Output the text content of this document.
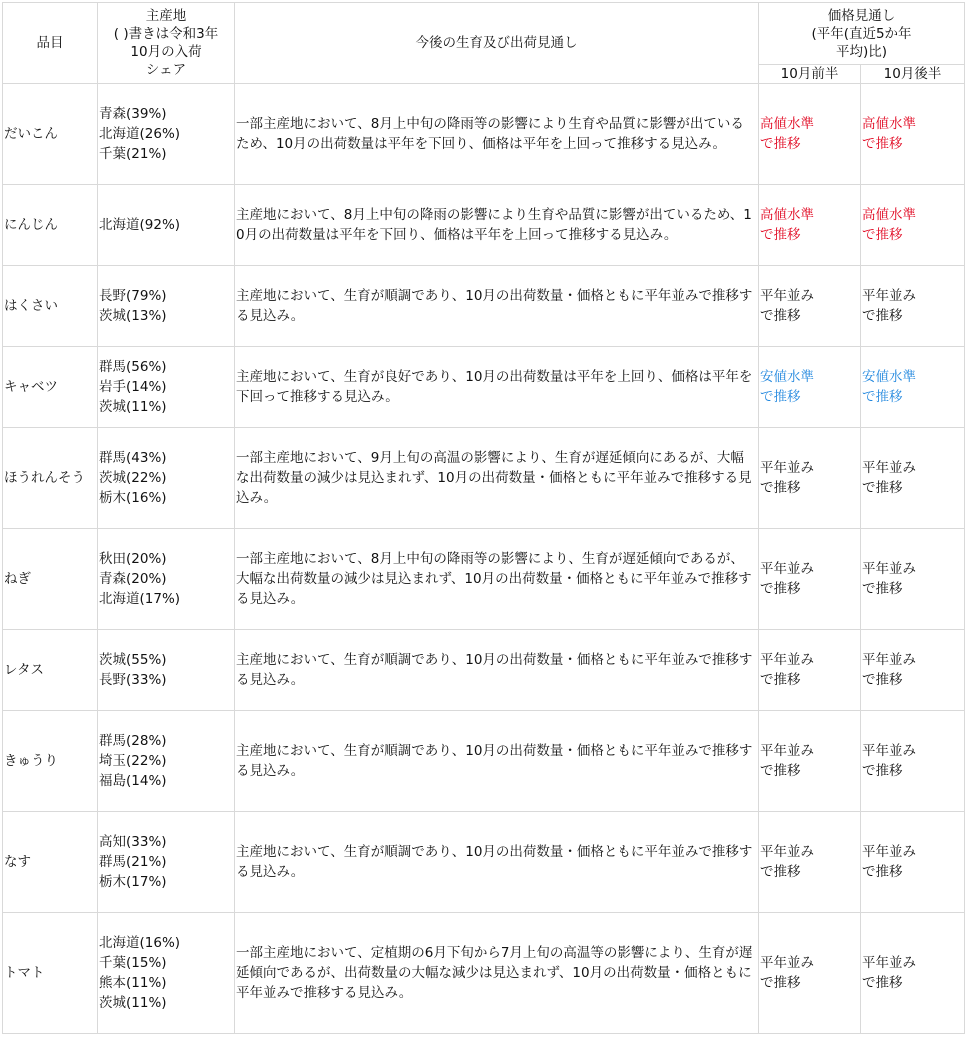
品目	主産地
( )書きは令和3年
10月の入荷
シェア	今後の生育及び出荷見通し	価格見通し
(平年(直近5か年
平均)比)	

			10月前半	10月後半
だいこん	青森(39%)
北海道(26%)
千葉(21%)	一部主産地において、8月上中旬の降雨等の影響により生育や品質に影響が出ているため、10月の出荷数量は平年を下回り、価格は平年を上回って推移する見込み。	高値水準
で推移	高値水準
で推移

にんじん	北海道(92%)	主産地において、8月上中旬の降雨の影響により生育や品質に影響が出ているため、10月の出荷数量は平年を下回り、価格は平年を上回って推移する見込み。	高値水準
で推移	高値水準
で推移

はくさい	長野(79%)
茨城(13%)	主産地において、生育が順調であり、10月の出荷数量・価格ともに平年並みで推移する見込み。	平年並み
で推移	平年並み
で推移

キャベツ	群馬(56%)
岩手(14%)
茨城(11%)	主産地において、生育が良好であり、10月の出荷数量は平年を上回り、価格は平年を下回って推移する見込み。	安値水準
で推移	安値水準
で推移

ほうれんそう	群馬(43%)
茨城(22%)
栃木(16%)	一部主産地において、9月上旬の高温の影響により、生育が遅延傾向にあるが、大幅な出荷数量の減少は見込まれず、10月の出荷数量・価格ともに平年並みで推移する見込み。	平年並み
で推移	平年並み
で推移

ねぎ	秋田(20%)
青森(20%)
北海道(17%)	一部主産地において、8月上中旬の降雨等の影響により、生育が遅延傾向であるが、大幅な出荷数量の減少は見込まれず、10月の出荷数量・価格ともに平年並みで推移する見込み。	平年並み
で推移	平年並み
で推移

レタス	茨城(55%)
長野(33%)	主産地において、生育が順調であり、10月の出荷数量・価格ともに平年並みで推移する見込み。	平年並み
で推移	平年並み
で推移

きゅうり	群馬(28%)
埼玉(22%)
福島(14%)	主産地において、生育が順調であり、10月の出荷数量・価格ともに平年並みで推移する見込み。	平年並み
で推移	平年並み
で推移

なす	高知(33%)
群馬(21%)
栃木(17%)	主産地において、生育が順調であり、10月の出荷数量・価格ともに平年並みで推移する見込み。	平年並み
で推移	平年並み
で推移

トマト	北海道(16%)
千葉(15%)
熊本(11%)
茨城(11%)	一部主産地において、定植期の6月下旬から7月上旬の高温等の影響により、生育が遅延傾向であるが、出荷数量の大幅な減少は見込まれず、10月の出荷数量・価格ともに平年並みで推移する見込み。	平年並み
で推移	平年並み
で推移
